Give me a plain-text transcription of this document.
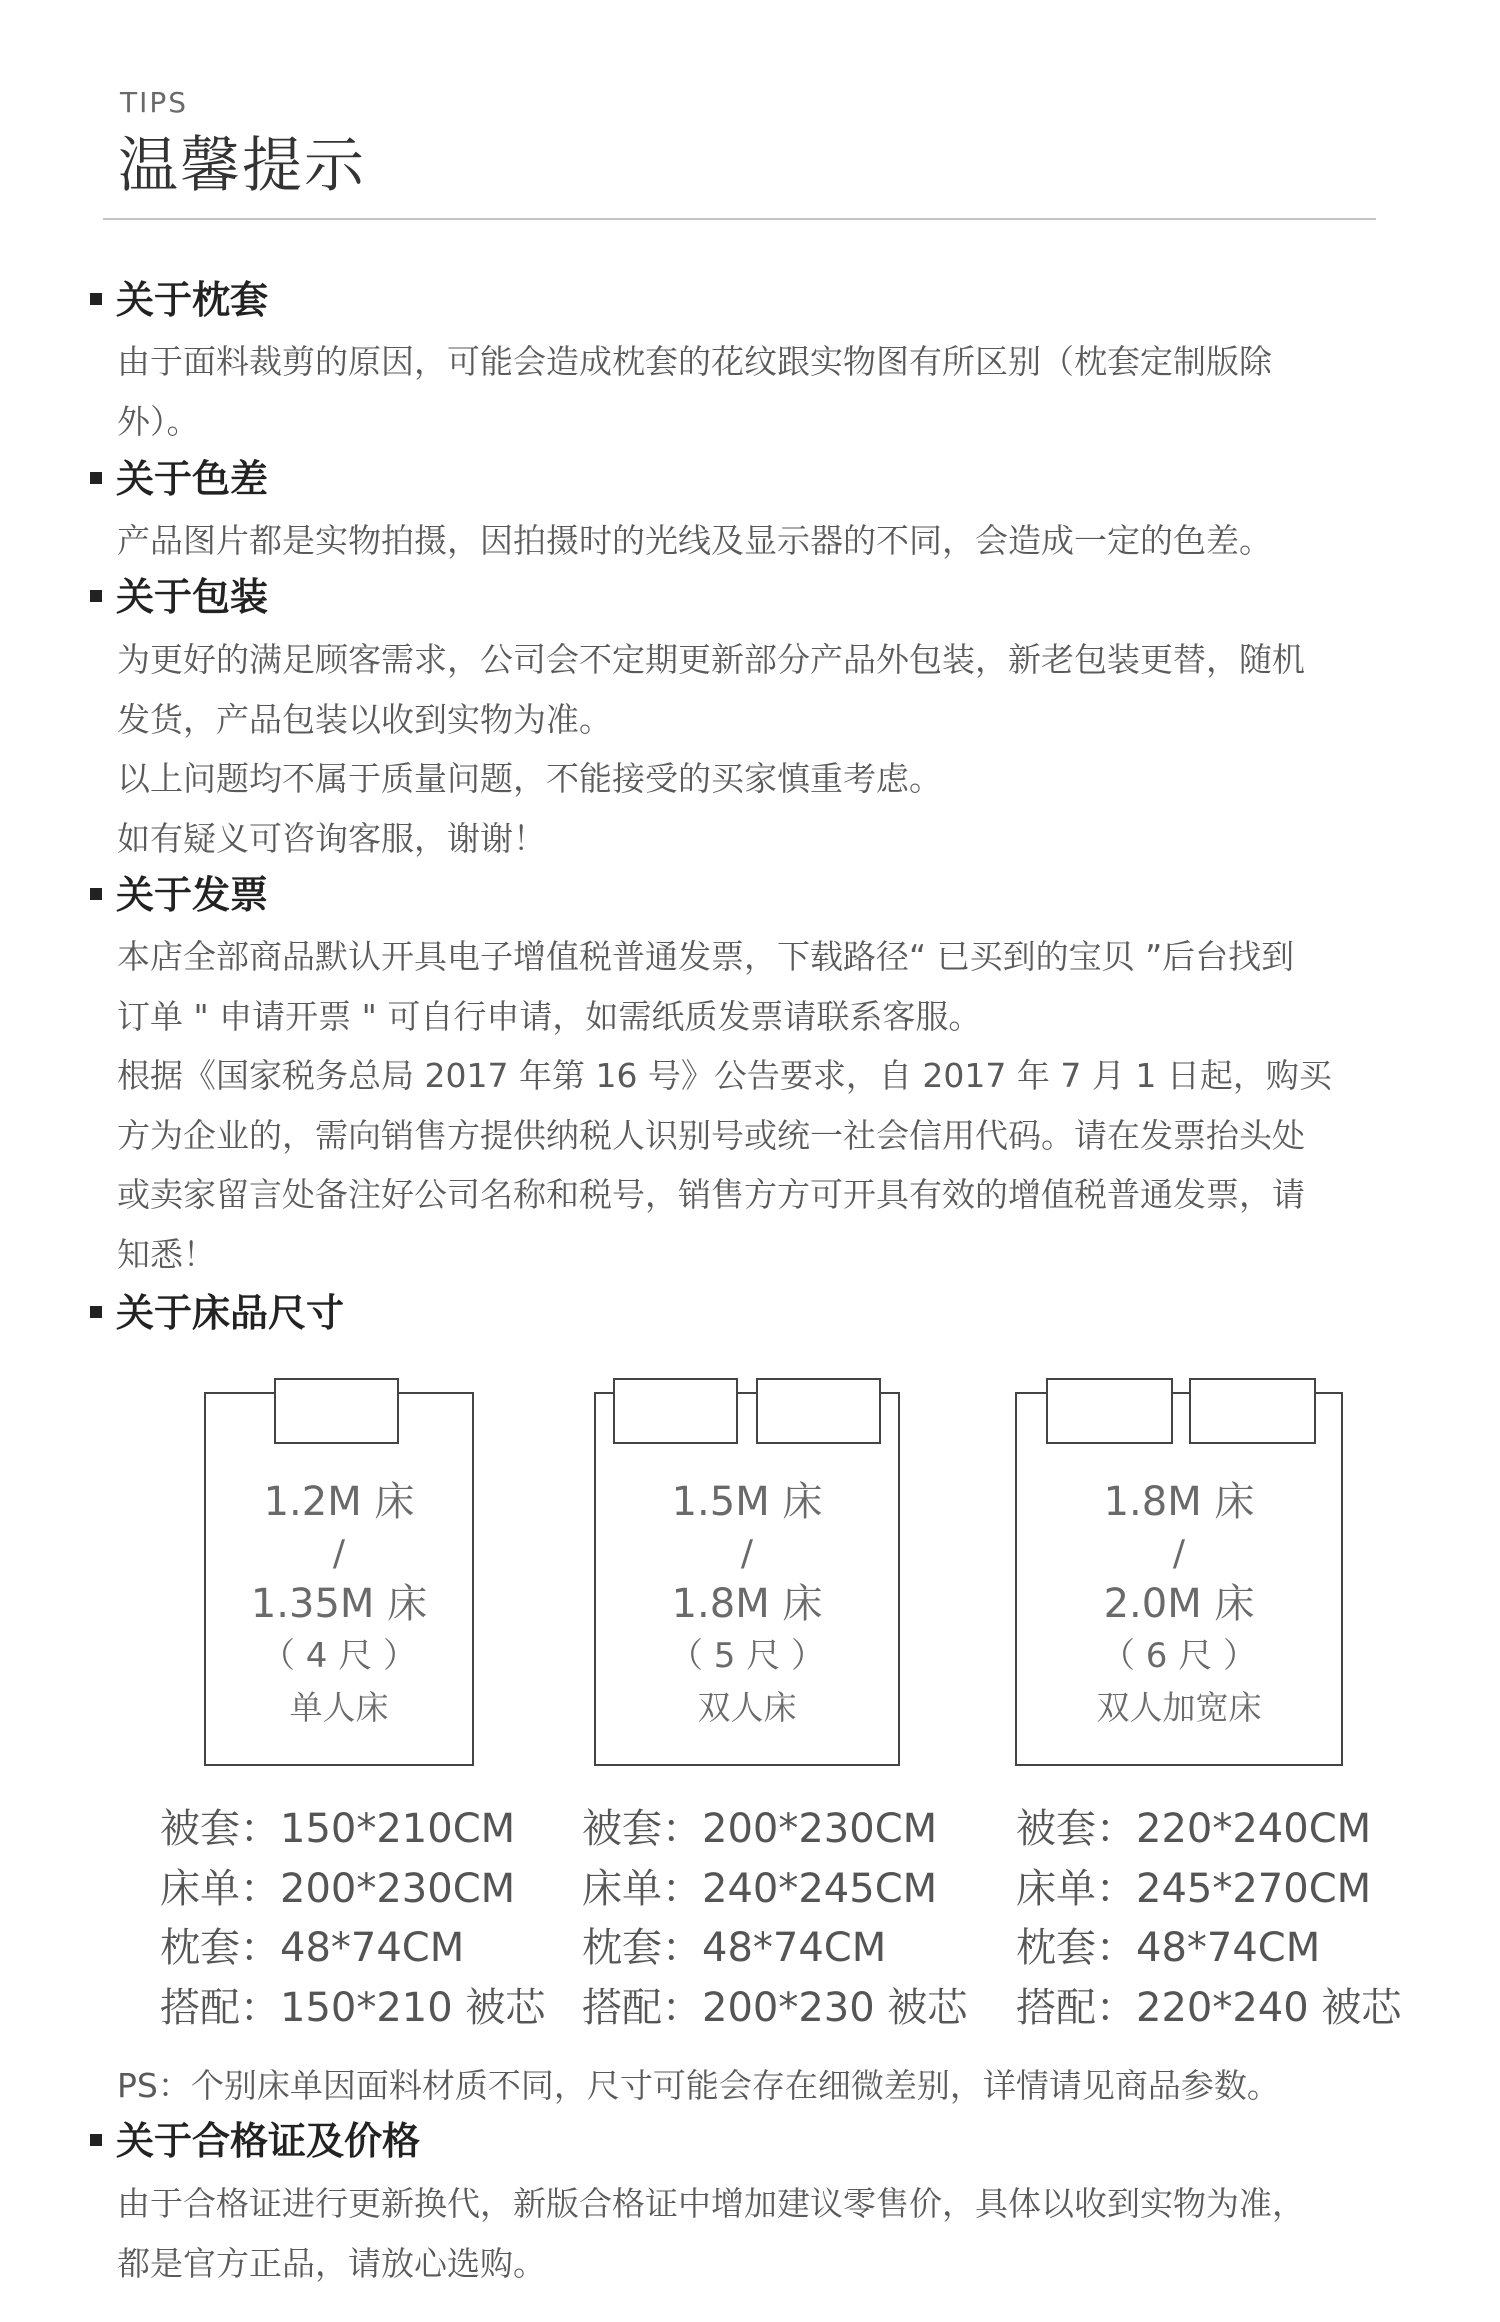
TIPS
温馨提示
关于枕套
由于面料裁剪的原因，可能会造成枕套的花纹跟实物图有所区别（枕套定制版除
外）。
关于色差
产品图片都是实物拍摄，因拍摄时的光线及显示器的不同，会造成一定的色差。
关于包装
为更好的满足顾客需求，公司会不定期更新部分产品外包装，新老包装更替，随机
发货，产品包装以收到实物为准。
以上问题均不属于质量问题，不能接受的买家慎重考虑。
如有疑义可咨询客服，谢谢！
关于发票
本店全部商品默认开具电子增值税普通发票，下载路径“ 已买到的宝贝 ”后台找到
订单 " 申请开票 " 可自行申请，如需纸质发票请联系客服。
根据《国家税务总局 2017 年第 16 号》公告要求，自 2017 年 7 月 1 日起，购买
方为企业的，需向销售方提供纳税人识别号或统一社会信用代码。请在发票抬头处
或卖家留言处备注好公司名称和税号，销售方方可开具有效的增值税普通发票，请
知悉！
关于床品尺寸
1.2M 床
/
1.35M 床
（ 4 尺 ）
单人床
1.5M 床
/
1.8M 床
（ 5 尺 ）
双人床
1.8M 床
/
2.0M 床
（ 6 尺 ）
双人加宽床
被套：150*210CM
床单：200*230CM
枕套：48*74CM
搭配：150*210 被芯
被套：200*230CM
床单：240*245CM
枕套：48*74CM
搭配：200*230 被芯
被套：220*240CM
床单：245*270CM
枕套：48*74CM
搭配：220*240 被芯
PS：个别床单因面料材质不同，尺寸可能会存在细微差别，详情请见商品参数。
关于合格证及价格
由于合格证进行更新换代，新版合格证中增加建议零售价，具体以收到实物为准，
都是官方正品，请放心选购。
